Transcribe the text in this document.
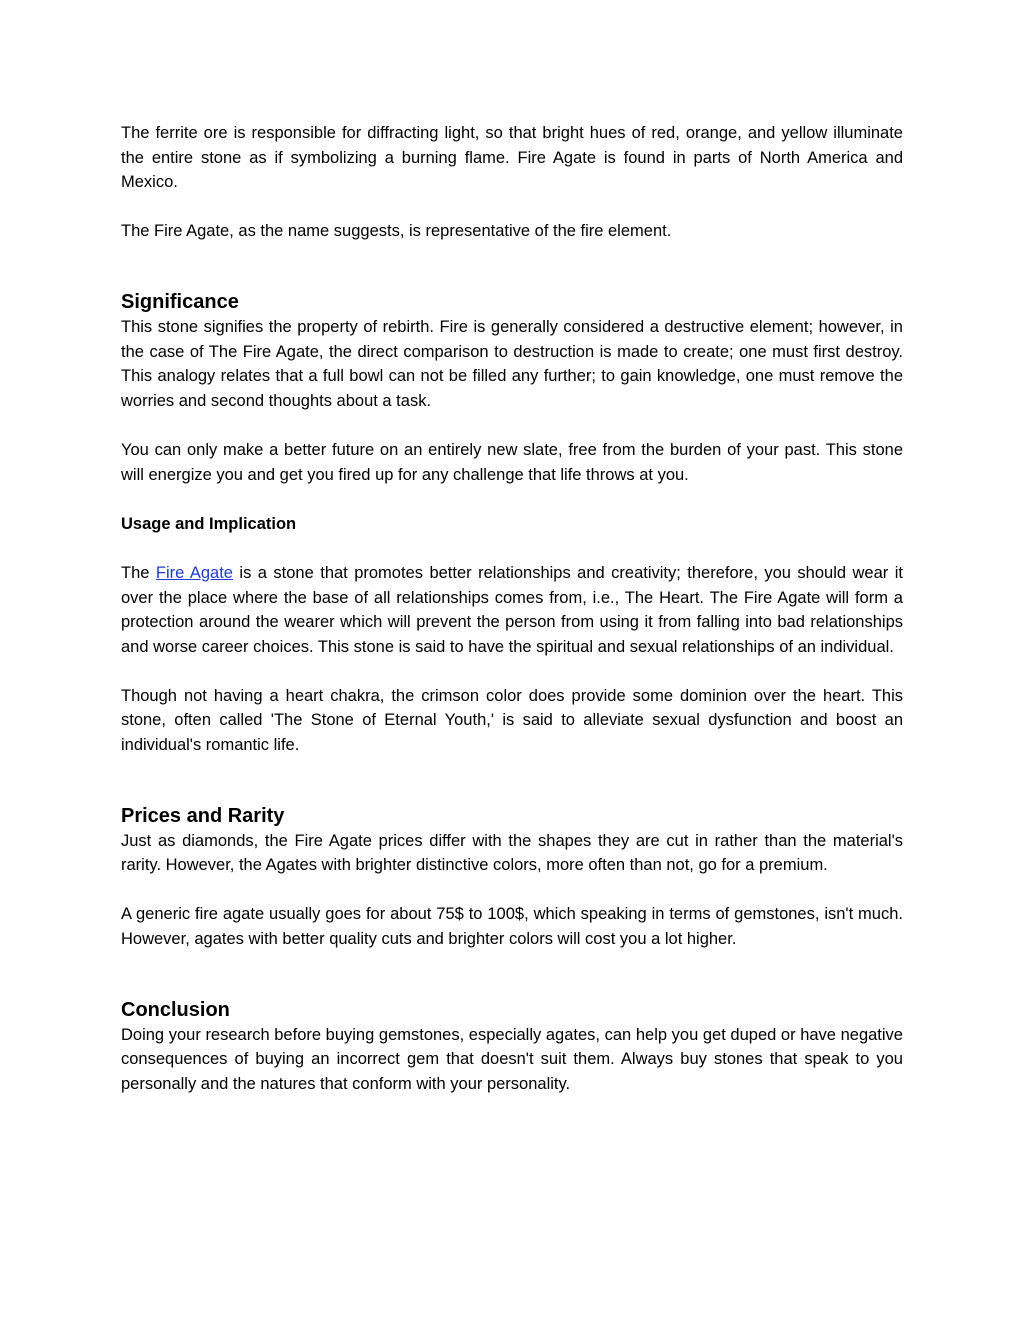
The ferrite ore is responsible for diffracting light, so that bright hues of red, orange, and yellow illuminate the entire stone as if symbolizing a burning flame. Fire Agate is found in parts of North America and Mexico.

The Fire Agate, as the name suggests, is representative of the fire element.

Significance

This stone signifies the property of rebirth. Fire is generally considered a destructive element; however, in the case of The Fire Agate, the direct comparison to destruction is made to create; one must first destroy. This analogy relates that a full bowl can not be filled any further; to gain knowledge, one must remove the worries and second thoughts about a task.

You can only make a better future on an entirely new slate, free from the burden of your past. This stone will energize you and get you fired up for any challenge that life throws at you.

Usage and Implication

The Fire Agate is a stone that promotes better relationships and creativity; therefore, you should wear it over the place where the base of all relationships comes from, i.e., The Heart. The Fire Agate will form a protection around the wearer which will prevent the person from using it from falling into bad relationships and worse career choices. This stone is said to have the spiritual and sexual relationships of an individual.

Though not having a heart chakra, the crimson color does provide some dominion over the heart. This stone, often called 'The Stone of Eternal Youth,' is said to alleviate sexual dysfunction and boost an individual's romantic life.

Prices and Rarity

Just as diamonds, the Fire Agate prices differ with the shapes they are cut in rather than the material's rarity. However, the Agates with brighter distinctive colors, more often than not, go for a premium.

A generic fire agate usually goes for about 75$ to 100$, which speaking in terms of gemstones, isn't much. However, agates with better quality cuts and brighter colors will cost you a lot higher.

Conclusion

Doing your research before buying gemstones, especially agates, can help you get duped or have negative consequences of buying an incorrect gem that doesn't suit them. Always buy stones that speak to you personally and the natures that conform with your personality.
